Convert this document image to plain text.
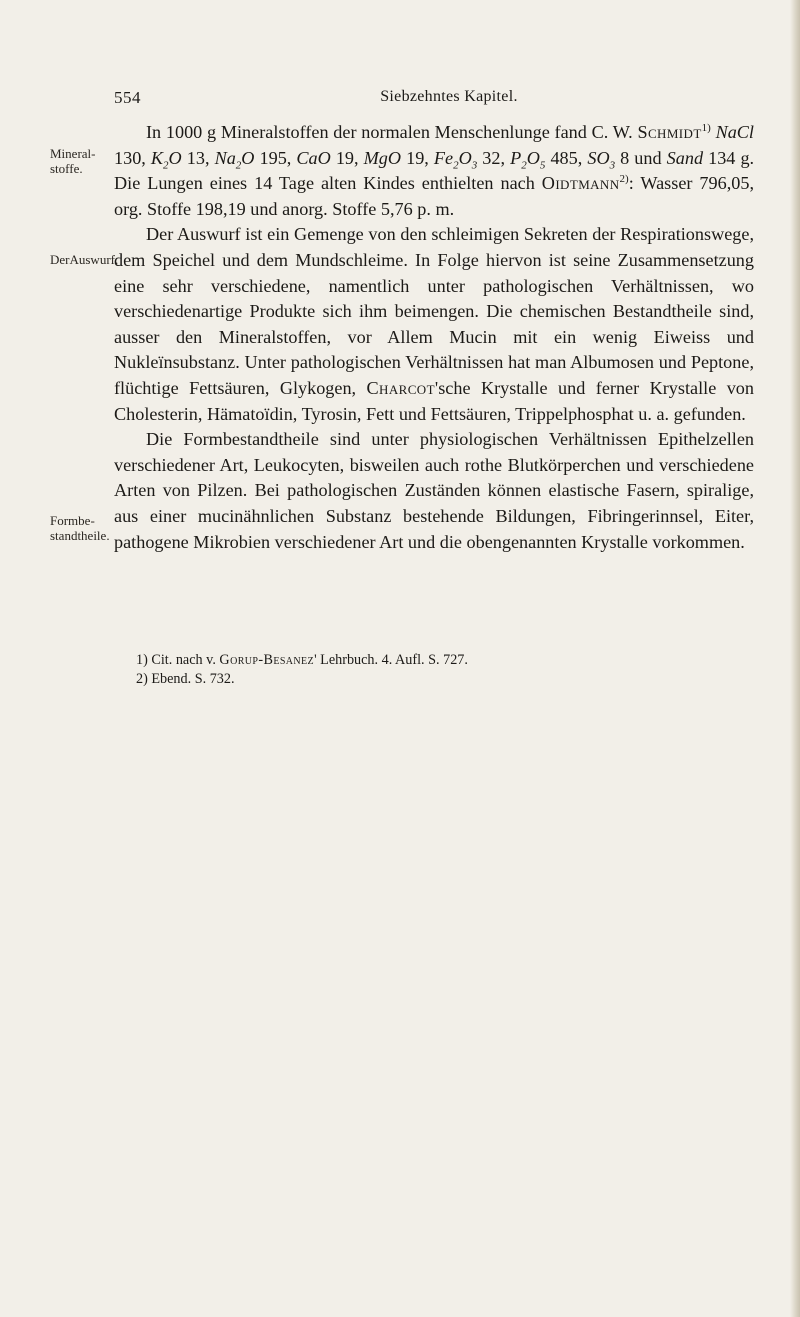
554	Siebzehntes Kapitel.
Mineral- stoffe.
DerAuswurf.
Formbe- standtheile.

In 1000 g Mineralstoffen der normalen Menschenlunge fand C. W. Schmidt$^{1)}$ NaCl 130, $K_2O$ 13, $Na_2O$ 195, CaO 19, MgO 19, $Fe_2O_3$ 32, $P_2O_5$ 485, $SO_3$ 8 und Sand 134 g. Die Lungen eines 14 Tage alten Kindes enthielten nach Oidtmann$^{2)}$: Wasser 796,05, org. Stoffe 198,19 und anorg. Stoffe 5,76 p. m.

Der Auswurf ist ein Gemenge von den schleimigen Sekreten der Respirationswege, dem Speichel und dem Mundschleime. In Folge hiervon ist seine Zusammensetzung eine sehr verschiedene, namentlich unter pathologischen Verhältnissen, wo verschiedenartige Produkte sich ihm beimengen. Die chemischen Bestandtheile sind, ausser den Mineralstoffen, vor Allem Mucin mit ein wenig Eiweiss und Nukleïnsubstanz. Unter pathologischen Verhältnissen hat man Albumosen und Peptone, flüchtige Fettsäuren, Glykogen, Charcot'sche Krystalle und ferner Krystalle von Cholesterin, Hämatoïdin, Tyrosin, Fett und Fettsäuren, Trippelphosphat u. a. gefunden.

Die Formbestandtheile sind unter physiologischen Verhältnissen Epithelzellen verschiedener Art, Leukocyten, bisweilen auch rothe Blutkörperchen und verschiedene Arten von Pilzen. Bei pathologischen Zuständen können elastische Fasern, spiralige, aus einer mucinähnlichen Substanz bestehende Bildungen, Fibringerinnsel, Eiter, pathogene Mikrobien verschiedener Art und die obengenannten Krystalle vorkommen.

1) Cit. nach v. Gorup-Besanez' Lehrbuch. 4. Aufl. S. 727.
2) Ebend. S. 732.
